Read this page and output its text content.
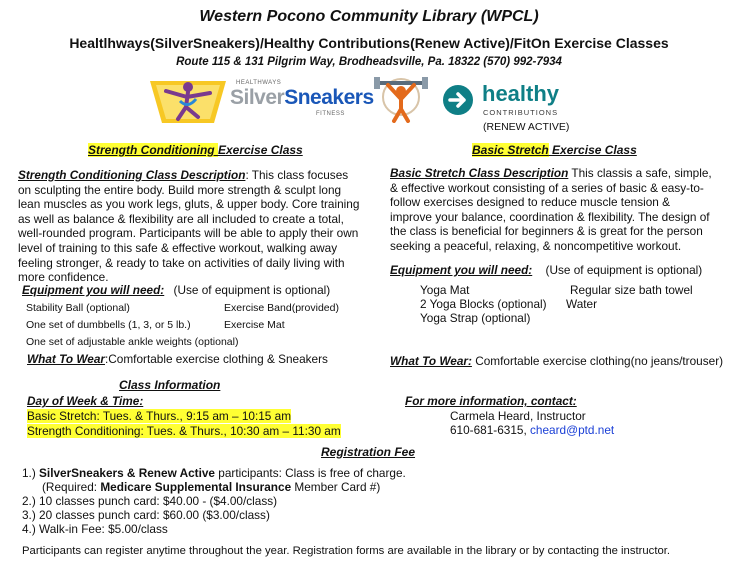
Western Pocono Community Library (WPCL)
Healtlhways(SilverSneakers)/Healthy Contributions(Renew Active)/FitOn Exercise Classes
Route 115 & 131 Pilgrim Way, Brodheadsville, Pa. 18322 (570) 992-7934
HEALTHWAYS
SilverSneakers
FITNESS
healthy
CONTRIBUTIONS
(RENEW ACTIVE)
Strength Conditioning Exercise Class
Strength Conditioning Class Description: This class focuses on sculpting the entire body. Build more strength & sculpt long lean muscles as you work legs, gluts, & upper body. Core training as well as balance & flexibility are all included to create a total, well-rounded program. Participants will be able to apply their own level of training to this safe & effective workout, walking away feeling stronger, & ready to take on activities of daily living with more confidence.
Equipment you will need: (Use of equipment is optional)
Stability Ball (optional)	Exercise Band(provided)
One set of dumbbells (1, 3, or 5 lb.)	Exercise Mat
One set of adjustable ankle weights (optional)
What To Wear:Comfortable exercise clothing & Sneakers
Basic Stretch Exercise Class
Basic Stretch Class Description This classis a safe, simple, & effective workout consisting of a series of basic & easy-to-follow exercises designed to reduce muscle tension & improve your balance, coordination & flexibility. The design of the class is beneficial for beginners & is great for the person seeking a peaceful, relaxing, & noncompetitive workout.
Equipment you will need: (Use of equipment is optional)
Yoga Mat	Regular size bath towel
2 Yoga Blocks (optional) Water
Yoga Strap (optional)
What To Wear: Comfortable exercise clothing(no jeans/trouser)
Class Information
Day of Week & Time:
Basic Stretch: Tues. & Thurs., 9:15 am – 10:15 am
Strength Conditioning: Tues. & Thurs., 10:30 am – 11:30 am
For more information, contact:
Carmela Heard, Instructor
610-681-6315, cheard@ptd.net
Registration Fee
1.) SilverSneakers & Renew Active participants: Class is free of charge.
(Required: Medicare Supplemental Insurance Member Card #)
2.) 10 classes punch card: $40.00 - ($4.00/class)
3.) 20 classes punch card: $60.00 ($3.00/class)
4.) Walk-in Fee: $5.00/class
Participants can register anytime throughout the year. Registration forms are available in the library or by contacting the instructor.
